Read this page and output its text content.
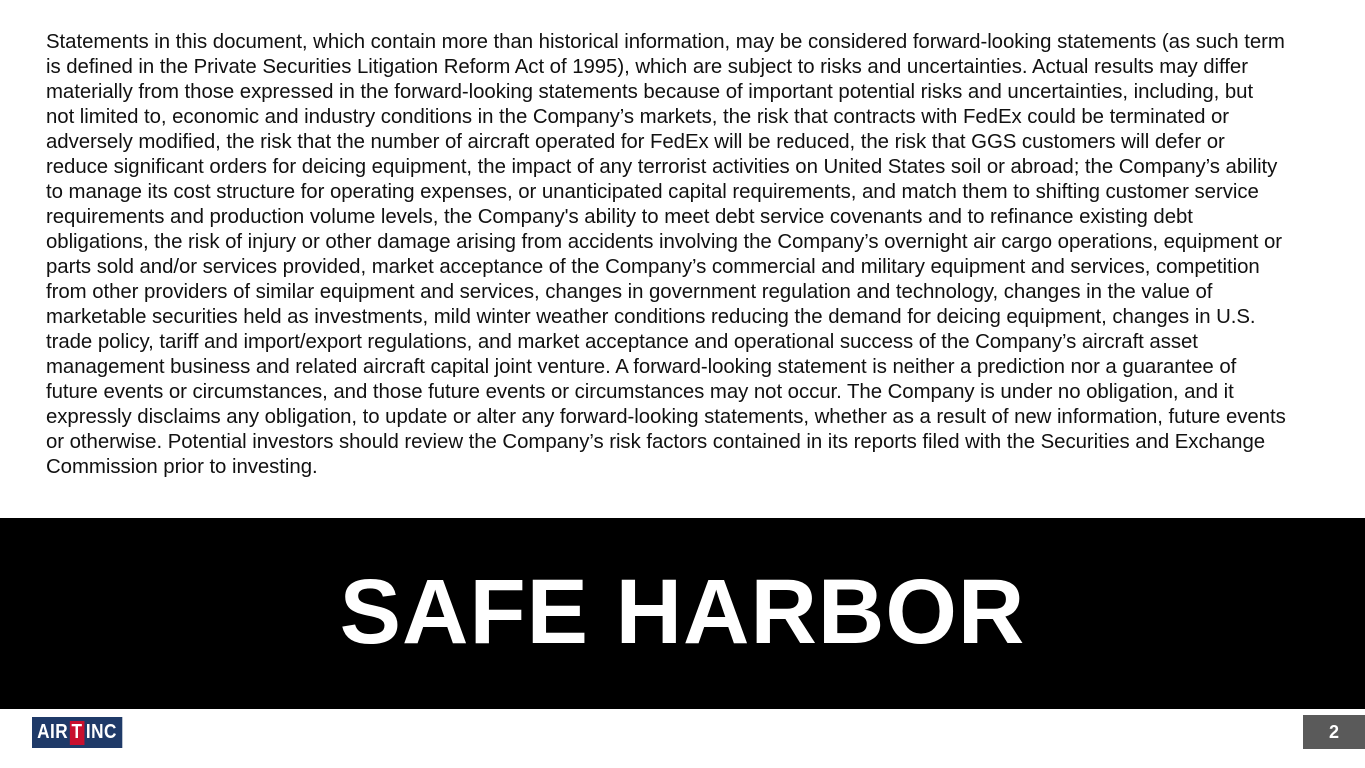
Statements in this document, which contain more than historical information, may be considered forward-looking statements (as such term is defined in the Private Securities Litigation Reform Act of 1995), which are subject to risks and uncertainties. Actual results may differ materially from those expressed in the forward-looking statements because of important potential risks and uncertainties, including, but not limited to, economic and industry conditions in the Company’s markets, the risk that contracts with FedEx could be terminated or adversely modified, the risk that the number of aircraft operated for FedEx will be reduced, the risk that GGS customers will defer or reduce significant orders for deicing equipment, the impact of any terrorist activities on United States soil or abroad; the Company’s ability to manage its cost structure for operating expenses, or unanticipated capital requirements, and match them to shifting customer service requirements and production volume levels, the Company's ability to meet debt service covenants and to refinance existing debt obligations, the risk of injury or other damage arising from accidents involving the Company’s overnight air cargo operations, equipment or parts sold and/or services provided, market acceptance of the Company’s commercial and military equipment and services, competition from other providers of similar equipment and services, changes in government regulation and technology, changes in the value of marketable securities held as investments, mild winter weather conditions reducing the demand for deicing equipment, changes in U.S. trade policy, tariff and import/export regulations, and market acceptance and operational success of the Company’s aircraft asset management business and related aircraft capital joint venture. A forward-looking statement is neither a prediction nor a guarantee of future events or circumstances, and those future events or circumstances may not occur. The Company is under no obligation, and it expressly disclaims any obligation, to update or alter any forward-looking statements, whether as a result of new information, future events or otherwise. Potential investors should review the Company’s risk factors contained in its reports filed with the Securities and Exchange Commission prior to investing.
SAFE HARBOR
AIR T INC	2
